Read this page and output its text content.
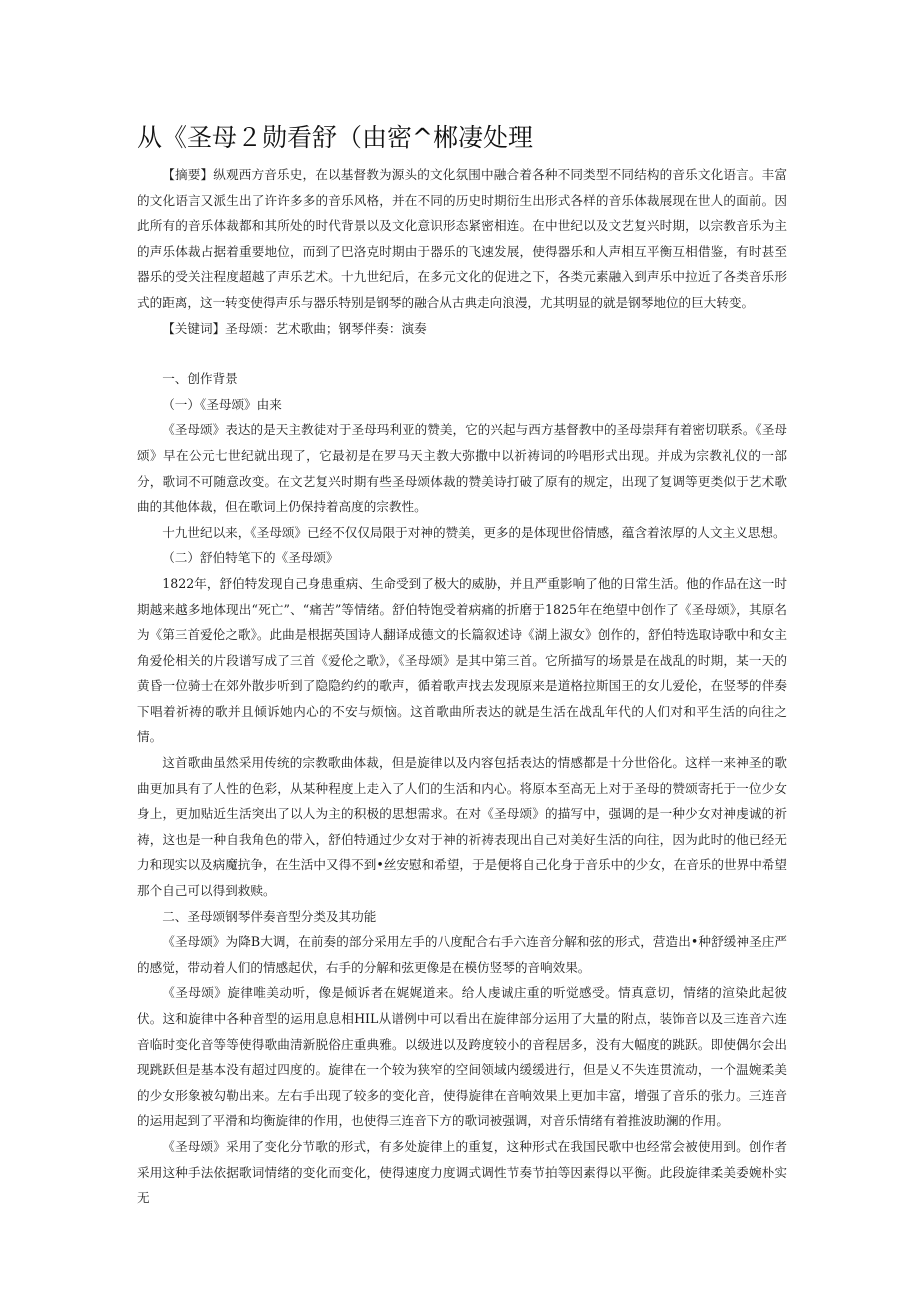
从《圣母２勋看舒（由密^郴凄处理

【摘要】纵观西方音乐史，在以基督教为源头的文化氛围中融合着各种不同类型不同结构的音乐文化语言。丰富的文化语言又派生出了许许多多的音乐风格，并在不同的历史时期衍生出形式各样的音乐体裁展现在世人的面前。因此所有的音乐体裁都和其所处的时代背景以及文化意识形态紧密相连。在中世纪以及文艺复兴时期，以宗教音乐为主的声乐体裁占据着重要地位，而到了巴洛克时期由于器乐的飞速发展，使得器乐和人声相互平衡互相借鉴，有时甚至器乐的受关注程度超越了声乐艺术。十九世纪后，在多元文化的促进之下，各类元素融入到声乐中拉近了各类音乐形式的距离，这一转变使得声乐与器乐特别是钢琴的融合从古典走向浪漫，尤其明显的就是钢琴地位的巨大转变。

【关键词】圣母颂：艺术歌曲；钢琴伴奏：演奏

一、创作背景

（一）《圣母颂》由来

《圣母颂》表达的是天主教徒对于圣母玛利亚的赞美，它的兴起与西方基督教中的圣母崇拜有着密切联系。《圣母颂》早在公元七世纪就出现了，它最初是在罗马天主教大弥撒中以祈祷词的吟唱形式出现。并成为宗教礼仪的一部分，歌词不可随意改变。在文艺复兴时期有些圣母颂体裁的赞美诗打破了原有的规定，出现了复调等更类似于艺术歌曲的其他体裁，但在歌词上仍保持着高度的宗教性。

十九世纪以来，《圣母颂》已经不仅仅局限于对神的赞美，更多的是体现世俗情感，蕴含着浓厚的人文主义思想。

（二）舒伯特笔下的《圣母颂》

1822年，舒伯特发现自己身患重病、生命受到了极大的威胁，并且严重影响了他的日常生活。他的作品在这一时期越来越多地体现出“死亡”、“痛苦”等情绪。舒伯特饱受着病痛的折磨于1825年在绝望中创作了《圣母颂》，其原名为《第三首爱伦之歌》。此曲是根据英国诗人翻译成德文的长篇叙述诗《湖上淑女》创作的，舒伯特选取诗歌中和女主角爱伦相关的片段谱写成了三首《爱伦之歌》，《圣母颂》是其中第三首。它所描写的场景是在战乱的时期，某一天的黄昏一位骑士在郊外散步听到了隐隐约约的歌声，循着歌声找去发现原来是道格拉斯国王的女儿爱伦，在竖琴的伴奏下唱着祈祷的歌并且倾诉她内心的不安与烦恼。这首歌曲所表达的就是生活在战乱年代的人们对和平生活的向往之情。

这首歌曲虽然采用传统的宗教歌曲体裁，但是旋律以及内容包括表达的情感都是十分世俗化。这样一来神圣的歌曲更加具有了人性的色彩，从某种程度上走入了人们的生活和内心。将原本至高无上对于圣母的赞颂寄托于一位少女身上，更加贴近生活突出了以人为主的积极的思想需求。在对《圣母颂》的描写中，强调的是一种少女对神虔诚的祈祷，这也是一种自我角色的带入，舒伯特通过少女对于神的祈祷表现出自己对美好生活的向往，因为此时的他已经无力和现实以及病魔抗争，在生活中又得不到•丝安慰和希望，于是便将自己化身于音乐中的少女，在音乐的世界中希望那个自己可以得到救赎。

二、圣母颂钢琴伴奏音型分类及其功能

《圣母颂》为降B大调，在前奏的部分采用左手的八度配合右手六连音分解和弦的形式，营造出•种舒缓神圣庄严的感觉，带动着人们的情感起伏，右手的分解和弦更像是在模仿竖琴的音响效果。

《圣母颂》旋律唯美动听，像是倾诉者在娓娓道来。给人虔诚庄重的听觉感受。情真意切，情绪的渲染此起彼伏。这和旋律中各种音型的运用息息相HIL从谱例中可以看出在旋律部分运用了大量的附点，装饰音以及三连音六连音临时变化音等等使得歌曲清新脱俗庄重典雅。以级进以及跨度较小的音程居多，没有大幅度的跳跃。即使偶尔会出现跳跃但是基本没有超过四度的。旋律在一个较为狭窄的空间领域内缓缓进行，但是乂不失连贯流动，一个温婉柔美的少女形象被勾勒出来。左右手出现了较多的变化音，使得旋律在音响效果上更加丰富，增强了音乐的张力。三连音的运用起到了平滑和均衡旋律的作用，也使得三连音下方的歌词被强调，对音乐情绪有着推波助澜的作用。

《圣母颂》采用了变化分节歌的形式，有多处旋律上的重复，这种形式在我国民歌中也经常会被使用到。创作者采用这种手法依据歌词情绪的变化而变化，使得速度力度调式调性节奏节拍等因素得以平衡。此段旋律柔美委婉朴实无
